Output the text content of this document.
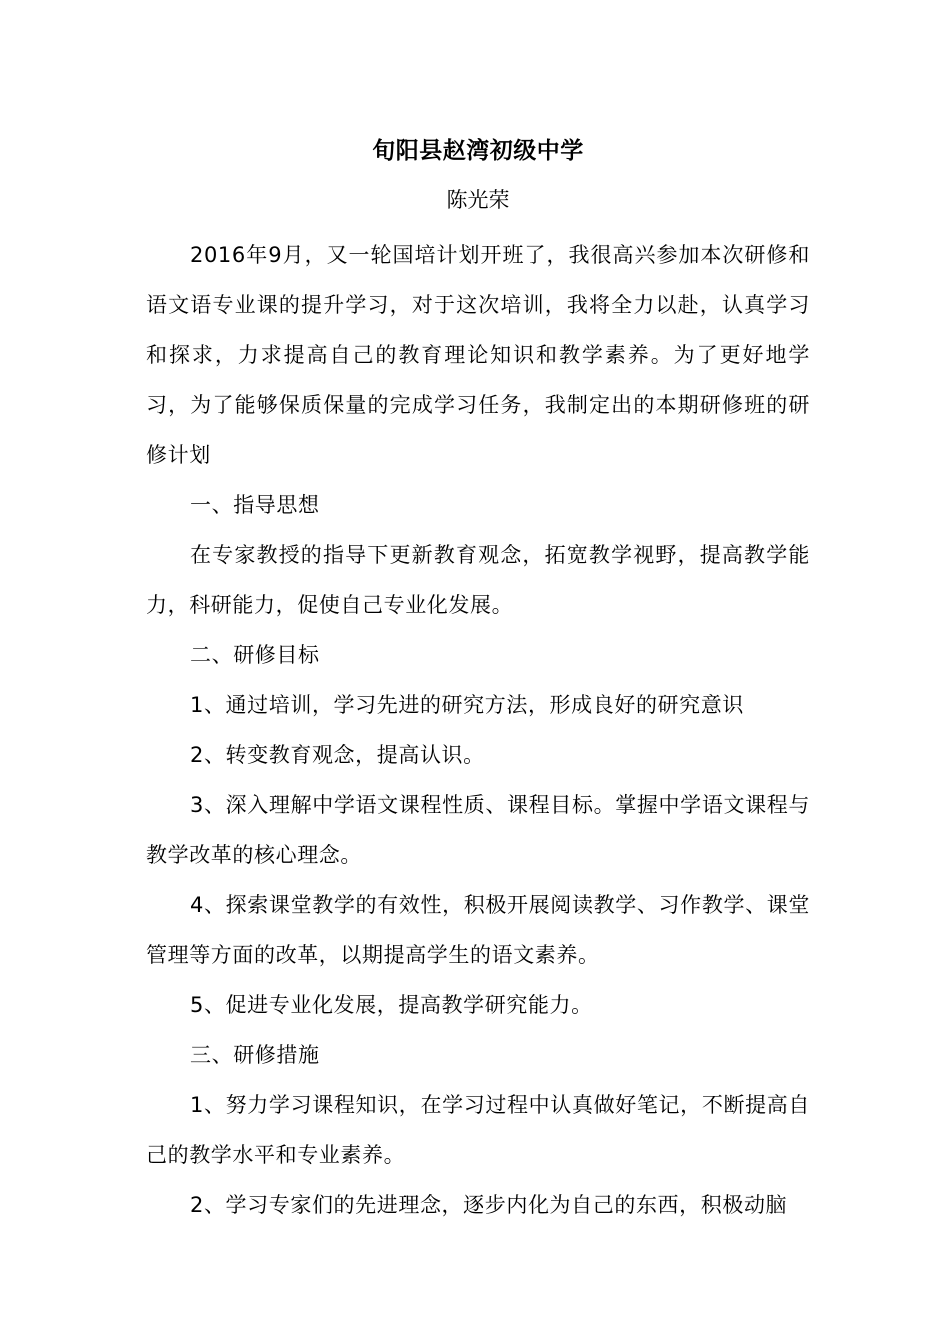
旬阳县赵湾初级中学
陈光荣

2016年9月，又一轮国培计划开班了，我很高兴参加本次研修和语文语专业课的提升学习，对于这次培训，我将全力以赴，认真学习和探求，力求提高自己的教育理论知识和教学素养。为了更好地学习，为了能够保质保量的完成学习任务，我制定出的本期研修班的研修计划

一、指导思想

在专家教授的指导下更新教育观念，拓宽教学视野，提高教学能力，科研能力，促使自己专业化发展。

二、研修目标

1、通过培训，学习先进的研究方法，形成良好的研究意识

2、转变教育观念，提高认识。

3、深入理解中学语文课程性质、课程目标。掌握中学语文课程与教学改革的核心理念。

4、探索课堂教学的有效性，积极开展阅读教学、习作教学、课堂管理等方面的改革，以期提高学生的语文素养。

5、促进专业化发展，提高教学研究能力。

三、研修措施

1、努力学习课程知识，在学习过程中认真做好笔记，不断提高自己的教学水平和专业素养。

2、学习专家们的先进理念，逐步内化为自己的东西，积极动脑
